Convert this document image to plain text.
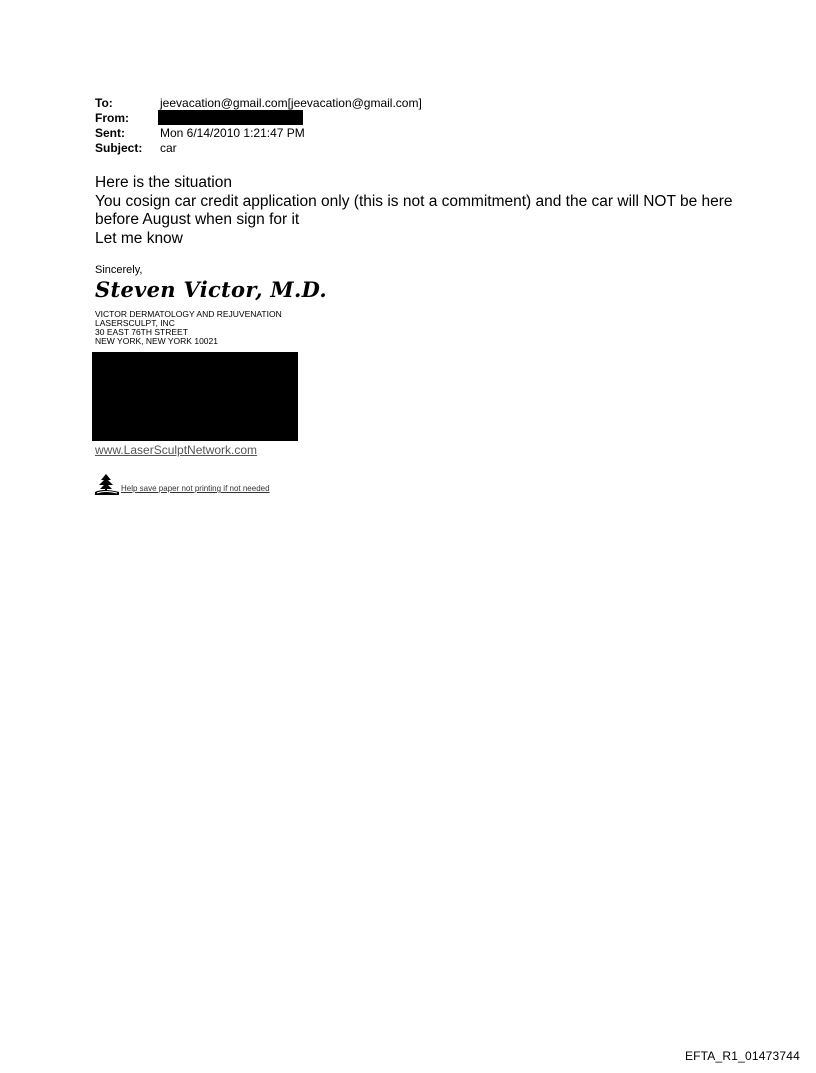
To:	jeevacation@gmail.com[jeevacation@gmail.com]
From:
Sent:	Mon 6/14/2010 1:21:47 PM
Subject:	car

Here is the situation

You cosign car credit application only (this is not a commitment) and the car will NOT be here before August when sign for it

Let me know

Sincerely,
Steven Victor, M.D.
VICTOR DERMATOLOGY AND REJUVENATION
LASERSCULPT, INC
30 EAST 76TH STREET
NEW YORK, NEW YORK 10021
www.LaserSculptNetwork.com
Help save paper not printing if not needed
EFTA_R1_01473744
